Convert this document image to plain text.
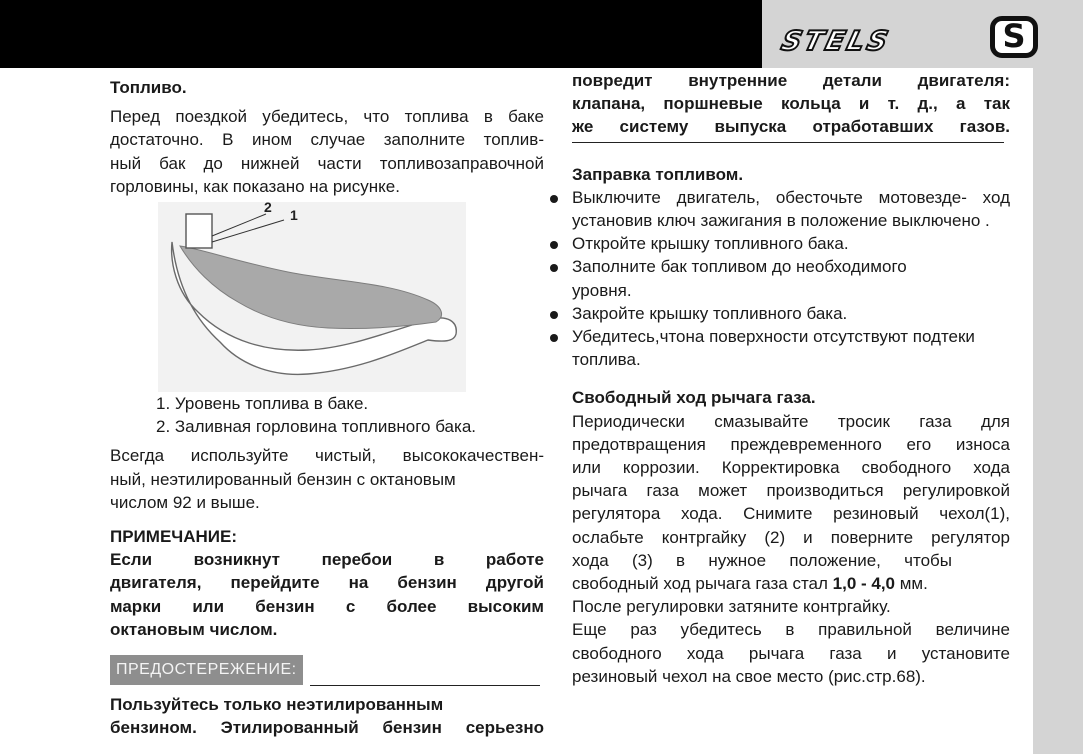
STELS	S
Топливо.
Перед поездкой убедитесь, что топлива в баке
достаточно. В ином случае заполните топлив-
ный бак до нижней части топливозаправочной
горловины, как показано на рисунке.
2 1
1. Уровень топлива в баке.
2. Заливная горловина топливного бака.
Всегда используйте чистый, высококачествен-
ный, неэтилированный бензин с октановым
числом 92 и выше.
ПРИМЕЧАНИЕ:
Если возникнут перебои в работе
двигателя, перейдите на бензин другой
марки или бензин с более высоким
октановым числом.
ПРЕДОСТЕРЕЖЕНИЕ:
Пользуйтесь только неэтилированным
бензином. Этилированный бензин серьезно
повредит внутренние детали двигателя:
клапана, поршневые кольца и т. д., а так
же систему выпуска отработавших газов.
Заправка топливом.
Выключите двигатель, обесточьте мотовезде- ход установив ключ зажигания в положение выключено .
Откройте крышку топливного бака.
Заполните бак топливом до необходимого уровня.
Закройте крышку топливного бака.
Убедитесь,чтона поверхности отсутствуют подтеки топлива.
Свободный ход рычага газа.
Периодически смазывайте тросик газа для
предотвращения преждевременного его износа
или коррозии. Корректировка свободного хода
рычага газа может производиться регулировкой
регулятора хода. Снимите резиновый чехол(1),
ослабьте контргайку (2) и поверните регулятор
хода (3) в нужное положение, чтобы
свободный ход рычага газа стал 1,0 - 4,0 мм.
После регулировки затяните контргайку.
Еще раз убедитесь в правильной величине
свободного хода рычага газа и установите
резиновый чехол на свое место (рис.стр.68).
